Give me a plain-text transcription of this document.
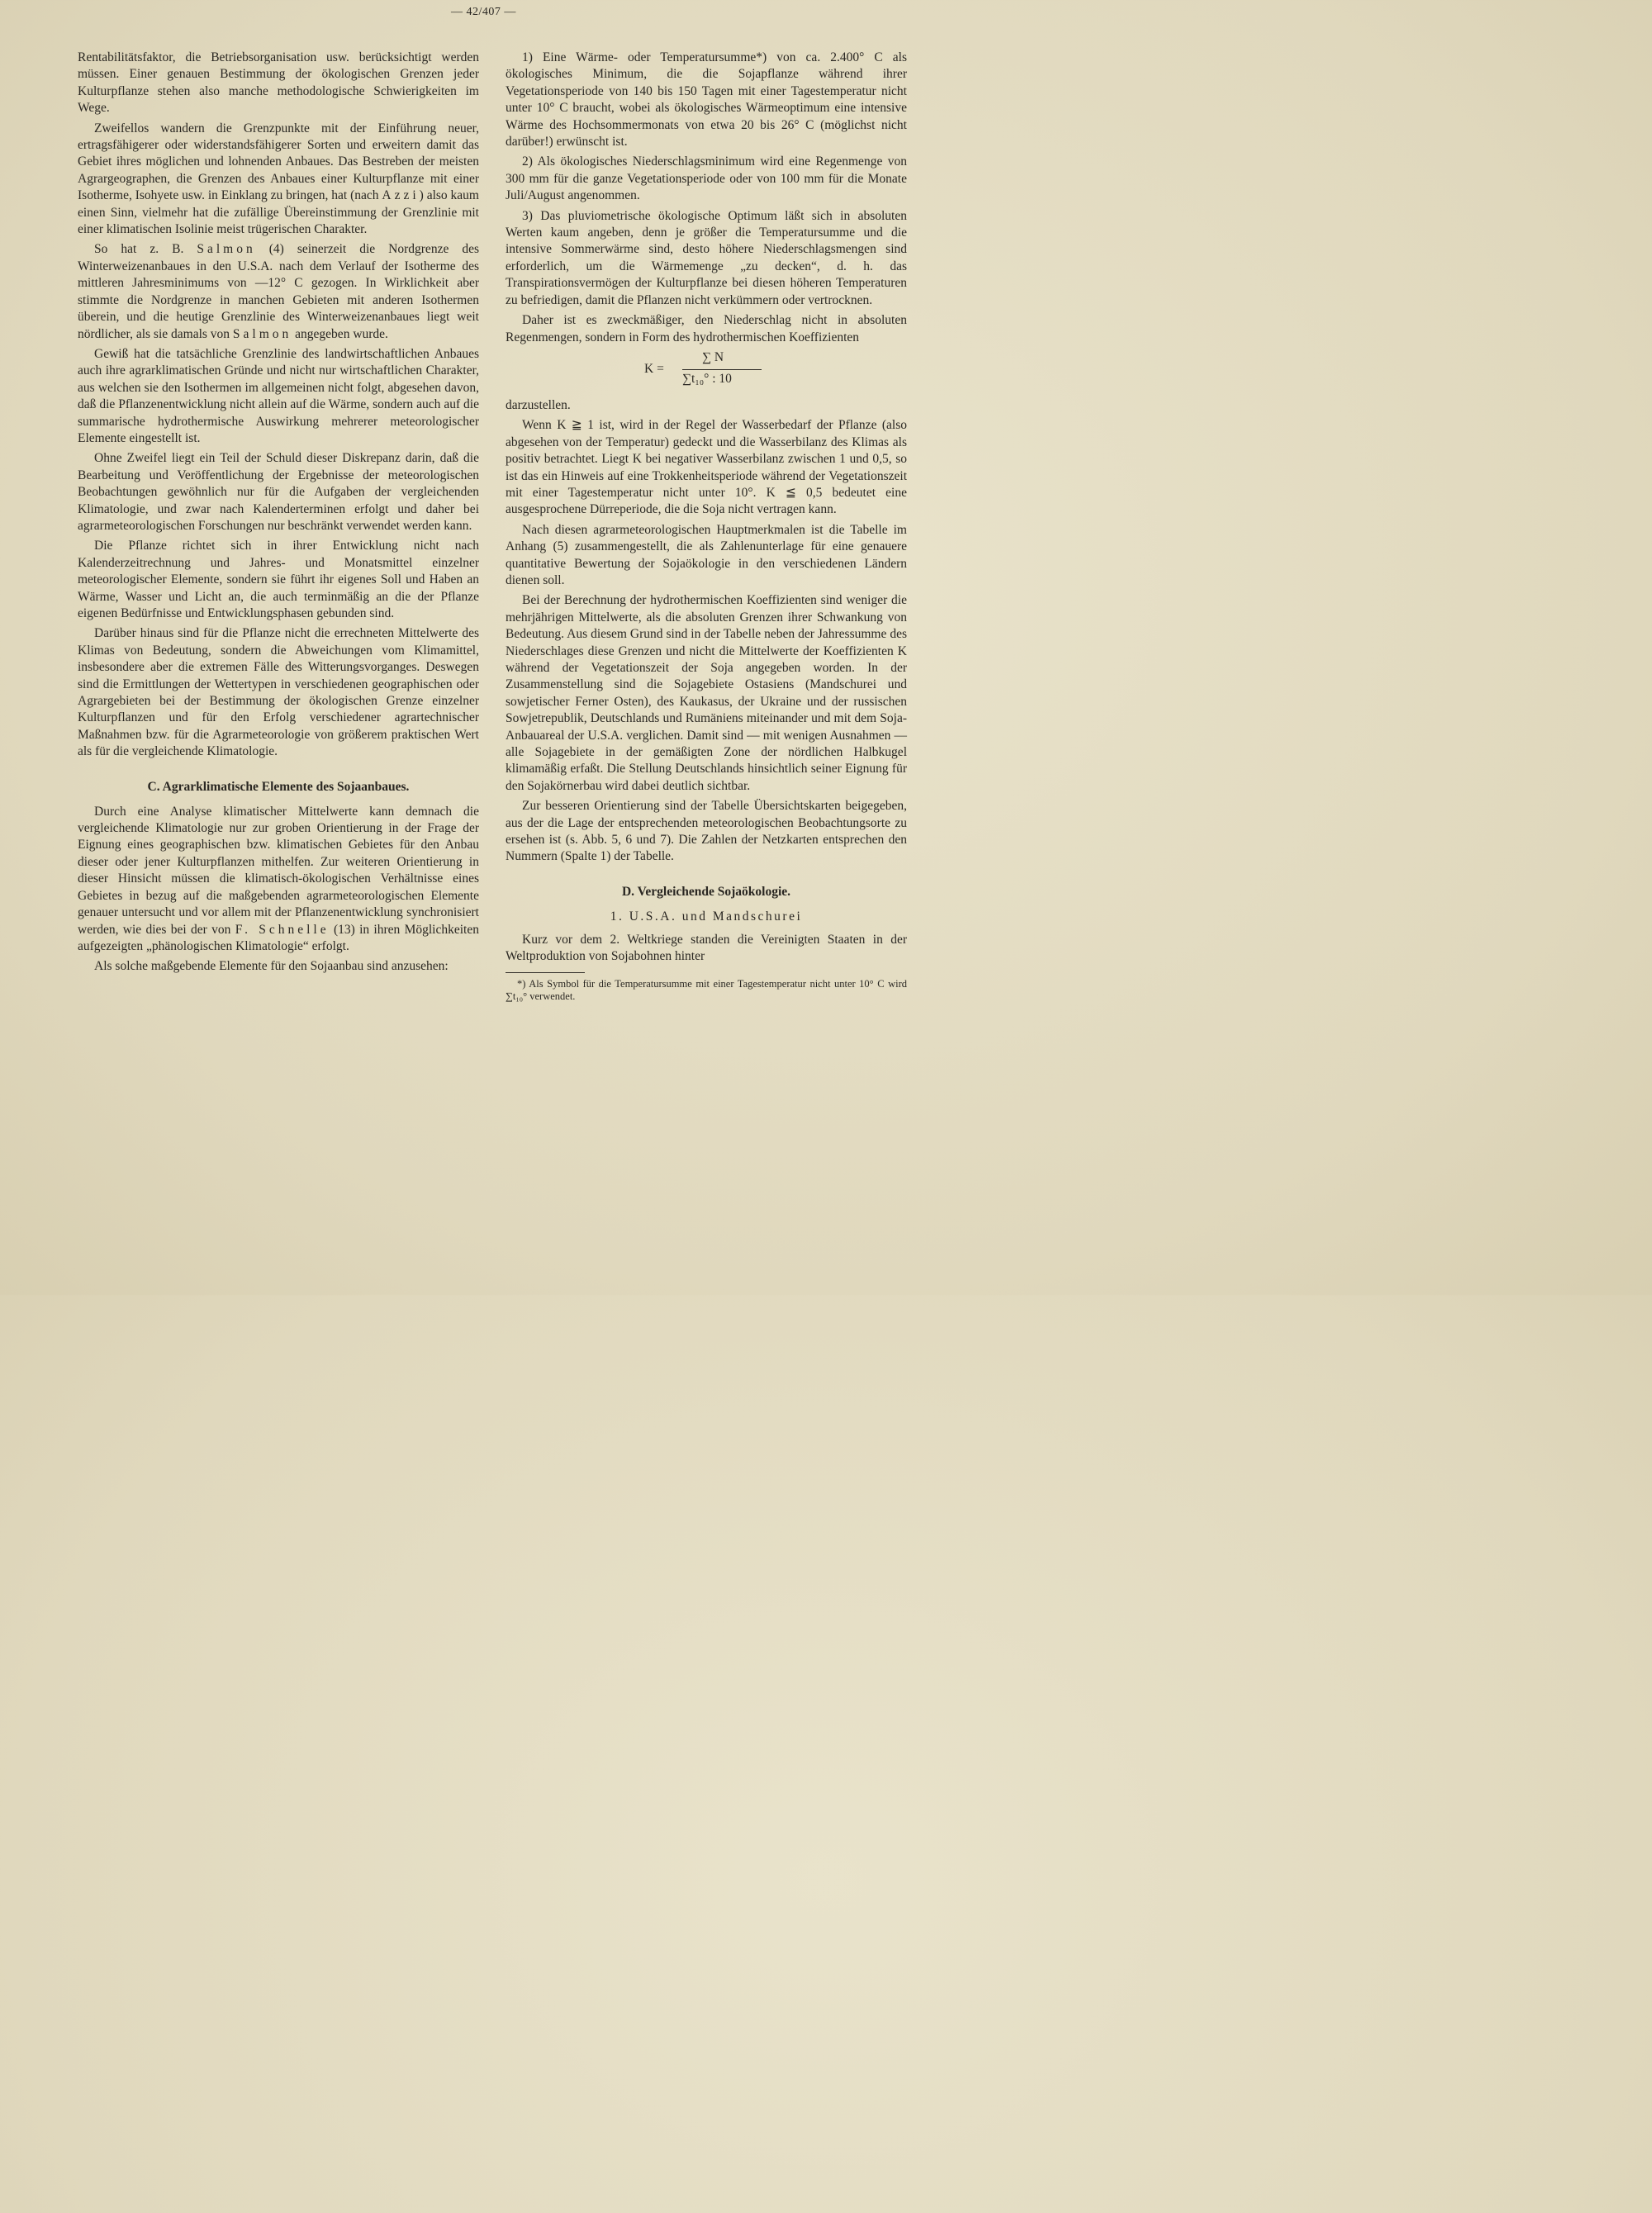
— 42/407 —

Rentabilitätsfaktor, die Betriebsorganisation usw. berücksichtigt werden müssen. Einer genauen Bestimmung der ökologischen Grenzen jeder Kulturpflanze stehen also manche methodologische Schwierigkeiten im Wege.

Zweifellos wandern die Grenzpunkte mit der Einführung neuer, ertragsfähigerer oder widerstandsfähigerer Sorten und erweitern damit das Gebiet ihres möglichen und lohnenden Anbaues. Das Bestreben der meisten Agrargeographen, die Grenzen des Anbaues einer Kulturpflanze mit einer Isotherme, Isohyete usw. in Einklang zu bringen, hat (nach Azzi) also kaum einen Sinn, vielmehr hat die zufällige Übereinstimmung der Grenzlinie mit einer klimatischen Isolinie meist trügerischen Charakter.

So hat z. B. Salmon (4) seinerzeit die Nordgrenze des Winterweizenanbaues in den U.S.A. nach dem Verlauf der Isotherme des mittleren Jahresminimums von —12° C gezogen. In Wirklichkeit aber stimmte die Nordgrenze in manchen Gebieten mit anderen Isothermen überein, und die heutige Grenzlinie des Winterweizenanbaues liegt weit nördlicher, als sie damals von Salmon angegeben wurde.

Gewiß hat die tatsächliche Grenzlinie des landwirtschaftlichen Anbaues auch ihre agrarklimatischen Gründe und nicht nur wirtschaftlichen Charakter, aus welchen sie den Isothermen im allgemeinen nicht folgt, abgesehen davon, daß die Pflanzenentwicklung nicht allein auf die Wärme, sondern auch auf die summarische hydrothermische Auswirkung mehrerer meteorologischer Elemente eingestellt ist.

Ohne Zweifel liegt ein Teil der Schuld dieser Diskrepanz darin, daß die Bearbeitung und Veröffentlichung der Ergebnisse der meteorologischen Beobachtungen gewöhnlich nur für die Aufgaben der vergleichenden Klimatologie, und zwar nach Kalenderterminen erfolgt und daher bei agrarmeteorologischen Forschungen nur beschränkt verwendet werden kann.

Die Pflanze richtet sich in ihrer Entwicklung nicht nach Kalenderzeitrechnung und Jahres- und Monatsmittel einzelner meteorologischer Elemente, sondern sie führt ihr eigenes Soll und Haben an Wärme, Wasser und Licht an, die auch terminmäßig an die der Pflanze eigenen Bedürfnisse und Entwicklungsphasen gebunden sind.

Darüber hinaus sind für die Pflanze nicht die errechneten Mittelwerte des Klimas von Bedeutung, sondern die Abweichungen vom Klimamittel, insbesondere aber die extremen Fälle des Witterungsvorganges. Deswegen sind die Ermittlungen der Wettertypen in verschiedenen geographischen oder Agrargebieten bei der Bestimmung der ökologischen Grenze einzelner Kulturpflanzen und für den Erfolg verschiedener agrartechnischer Maßnahmen bzw. für die Agrarmeteorologie von größerem praktischen Wert als für die vergleichende Klimatologie.

C. Agrarklimatische Elemente des Sojaanbaues.

Durch eine Analyse klimatischer Mittelwerte kann demnach die vergleichende Klimatologie nur zur groben Orientierung in der Frage der Eignung eines geographischen bzw. klimatischen Gebietes für den Anbau dieser oder jener Kulturpflanzen mithelfen. Zur weiteren Orientierung in dieser Hinsicht müssen die klimatisch-ökologischen Verhältnisse eines Gebietes in bezug auf die maßgebenden agrarmeteorologischen Elemente genauer untersucht und vor allem mit der Pflanzenentwicklung synchronisiert werden, wie dies bei der von F. Schnelle (13) in ihren Möglichkeiten aufgezeigten „phänologischen Klimatologie“ erfolgt.

Als solche maßgebende Elemente für den Sojaanbau sind anzusehen:

1) Eine Wärme- oder Temperatursumme*) von ca. 2.400° C als ökologisches Minimum, die die Sojapflanze während ihrer Vegetationsperiode von 140 bis 150 Tagen mit einer Tagestemperatur nicht unter 10° C braucht, wobei als ökologisches Wärmeoptimum eine intensive Wärme des Hochsommermonats von etwa 20 bis 26° C (möglichst nicht darüber!) erwünscht ist.

2) Als ökologisches Niederschlagsminimum wird eine Regenmenge von 300 mm für die ganze Vegetationsperiode oder von 100 mm für die Monate Juli/August angenommen.

3) Das pluviometrische ökologische Optimum läßt sich in absoluten Werten kaum angeben, denn je größer die Temperatursumme und die intensive Sommerwärme sind, desto höhere Niederschlagsmengen sind erforderlich, um die Wärmemenge „zu decken“, d. h. das Transpirationsvermögen der Kulturpflanze bei diesen höheren Temperaturen zu befriedigen, damit die Pflanzen nicht verkümmern oder vertrocknen.

Daher ist es zweckmäßiger, den Niederschlag nicht in absoluten Regenmengen, sondern in Form des hydrothermischen Koeffizienten

K =
∑ N
∑t₁₀° : 10

darzustellen.

Wenn K ≧ 1 ist, wird in der Regel der Wasserbedarf der Pflanze (also abgesehen von der Temperatur) gedeckt und die Wasserbilanz des Klimas als positiv betrachtet. Liegt K bei negativer Wasserbilanz zwischen 1 und 0,5, so ist das ein Hinweis auf eine Trokkenheitsperiode während der Vegetationszeit mit einer Tagestemperatur nicht unter 10°. K ≦ 0,5 bedeutet eine ausgesprochene Dürreperiode, die die Soja nicht vertragen kann.

Nach diesen agrarmeteorologischen Hauptmerkmalen ist die Tabelle im Anhang (5) zusammengestellt, die als Zahlenunterlage für eine genauere quantitative Bewertung der Sojaökologie in den verschiedenen Ländern dienen soll.

Bei der Berechnung der hydrothermischen Koeffizienten sind weniger die mehrjährigen Mittelwerte, als die absoluten Grenzen ihrer Schwankung von Bedeutung. Aus diesem Grund sind in der Tabelle neben der Jahressumme des Niederschlages diese Grenzen und nicht die Mittelwerte der Koeffizienten K während der Vegetationszeit der Soja angegeben worden. In der Zusammenstellung sind die Sojagebiete Ostasiens (Mandschurei und sowjetischer Ferner Osten), des Kaukasus, der Ukraine und der russischen Sowjetrepublik, Deutschlands und Rumäniens miteinander und mit dem Soja-Anbauareal der U.S.A. verglichen. Damit sind — mit wenigen Ausnahmen — alle Sojagebiete in der gemäßigten Zone der nördlichen Halbkugel klimamäßig erfaßt. Die Stellung Deutschlands hinsichtlich seiner Eignung für den Sojakörnerbau wird dabei deutlich sichtbar.

Zur besseren Orientierung sind der Tabelle Übersichtskarten beigegeben, aus der die Lage der entsprechenden meteorologischen Beobachtungsorte zu ersehen ist (s. Abb. 5, 6 und 7). Die Zahlen der Netzkarten entsprechen den Nummern (Spalte 1) der Tabelle.

D. Vergleichende Sojaökologie.
1. U.S.A. und Mandschurei

Kurz vor dem 2. Weltkriege standen die Vereinigten Staaten in der Weltproduktion von Sojabohnen hinter

*) Als Symbol für die Temperatursumme mit einer Tagestemperatur nicht unter 10° C wird ∑t₁₀° verwendet.
